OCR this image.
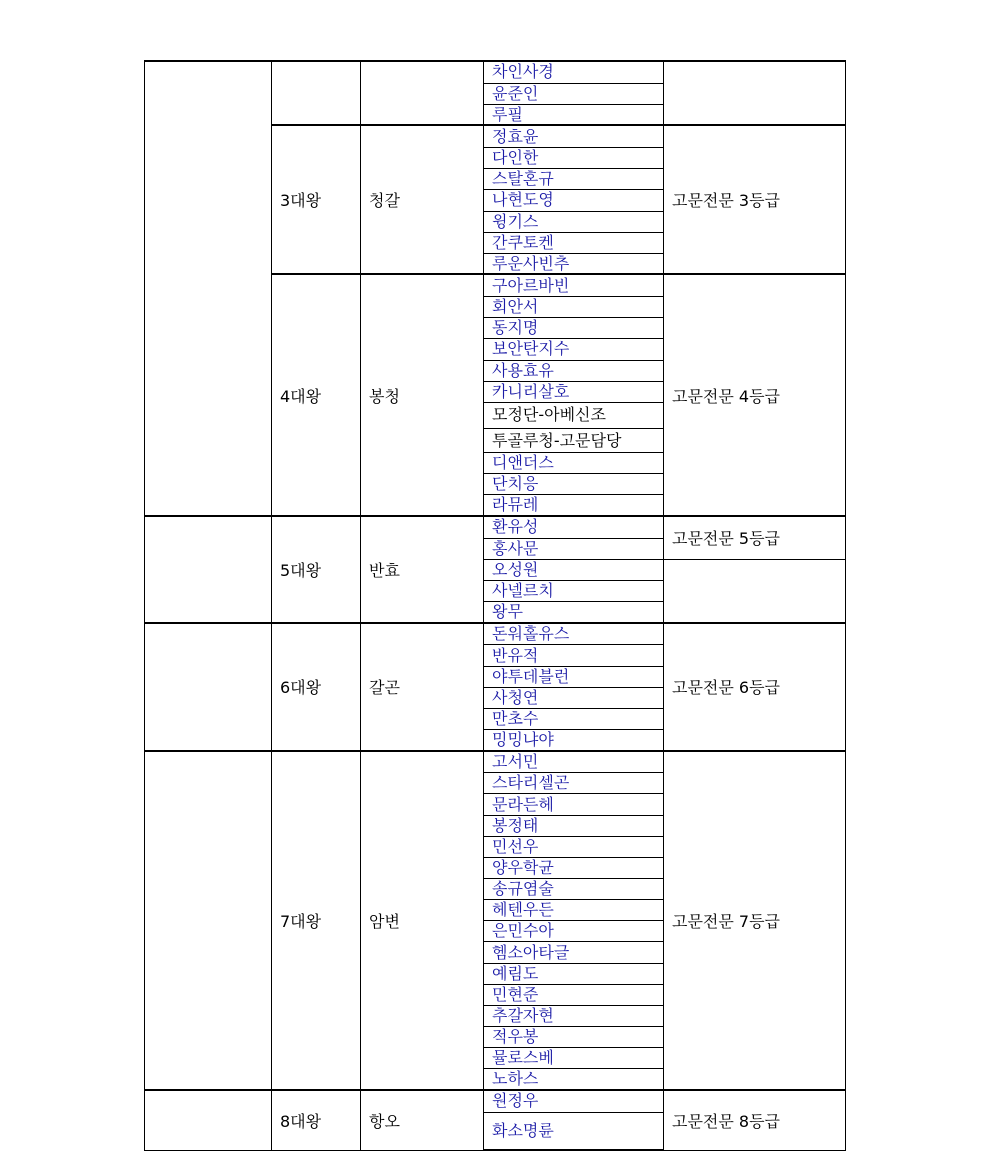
			차인사경	
			윤준인	
			루필	
	3대왕	청갈	정효윤	고문전문 3등급
			다인한	
			스탈혼규	
			나현도영	
			윙기스	
			간쿠토켄	
			루운사빈추	
	4대왕	봉청	구아르바빈	고문전문 4등급
			회안서	
			동지명	
			보안탄지수	
			사용효유	
			카니리살호	
			모정단-아베신조	
			투골루청-고문담당	
			디앤더스	
			단치응	
			라뮤레	
	5대왕	반효	환유성	고문전문 5등급
			홍사문	
			오성원	
			사넬르치	
			왕무	
	6대왕	갈곤	돈워홀유스	고문전문 6등급
			반유적	
			야투데블런	
			사청연	
			만초수	
			밍밍냐야	
	7대왕	암변	고서민	고문전문 7등급
			스타리셀곤	
			문라든헤	
			봉정태	
			민선우	
			양우학균	
			송규염술	
			헤텐우든	
			은민수아	
			헴소아타글	
			예림도	
			민현준	
			추갈자현	
			적우봉	
			뮬로스베	
			노하스	
	8대왕	항오	원정우	고문전문 8등급
			화소명륜	
